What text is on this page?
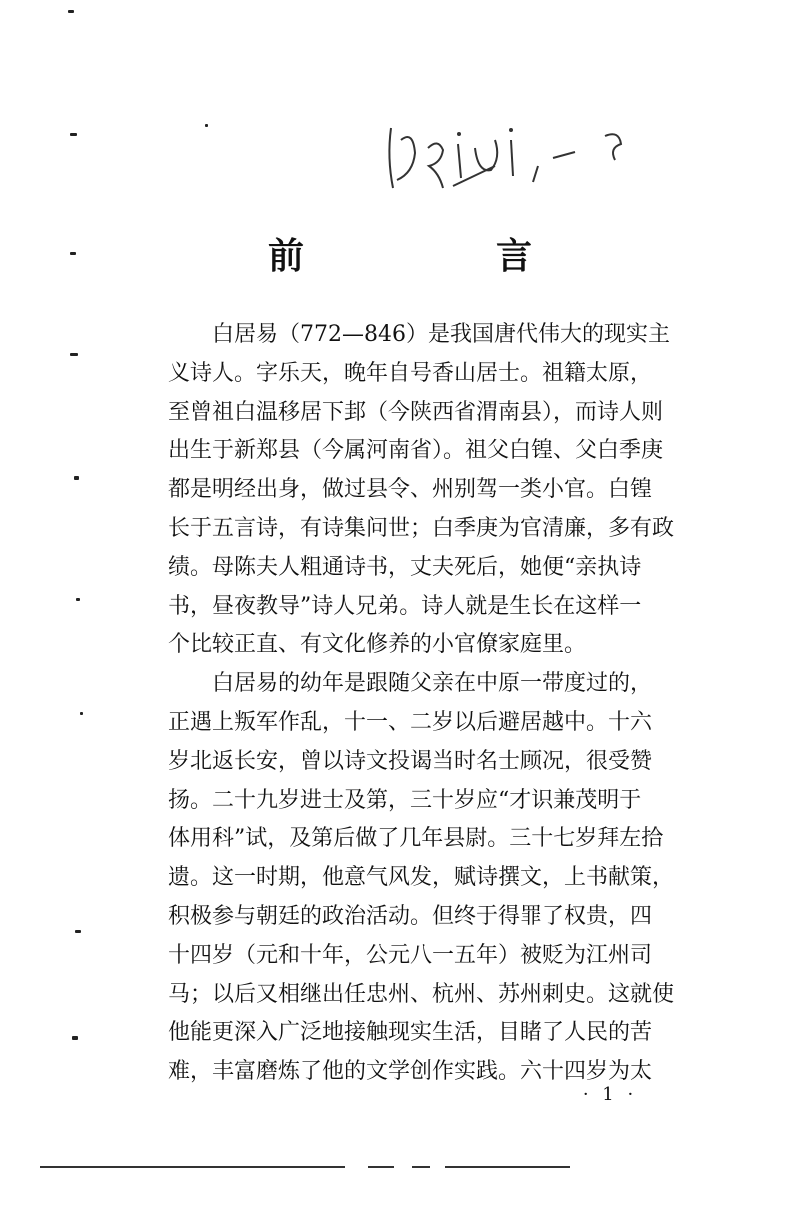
前　言
　　白居易（772—846）是我国唐代伟大的现实主
义诗人。字乐天，晚年自号香山居士。祖籍太原，
至曾祖白温移居下邽（今陕西省渭南县），而诗人则
出生于新郑县（今属河南省）。祖父白锽、父白季庚
都是明经出身，做过县令、州别驾一类小官。白锽
长于五言诗，有诗集问世；白季庚为官清廉，多有政
绩。母陈夫人粗通诗书，丈夫死后，她便“亲执诗
书，昼夜教导”诗人兄弟。诗人就是生长在这样一
个比较正直、有文化修养的小官僚家庭里。
　　白居易的幼年是跟随父亲在中原一带度过的，
正遇上叛军作乱，十一、二岁以后避居越中。十六
岁北返长安，曾以诗文投谒当时名士顾况，很受赞
扬。二十九岁进士及第，三十岁应“才识兼茂明于
体用科”试，及第后做了几年县尉。三十七岁拜左拾
遗。这一时期，他意气风发，赋诗撰文，上书献策，
积极参与朝廷的政治活动。但终于得罪了权贵，四
十四岁（元和十年，公元八一五年）被贬为江州司
马；以后又相继出任忠州、杭州、苏州刺史。这就使
他能更深入广泛地接触现实生活，目睹了人民的苦
难，丰富磨炼了他的文学创作实践。六十四岁为太
· 1 ·
